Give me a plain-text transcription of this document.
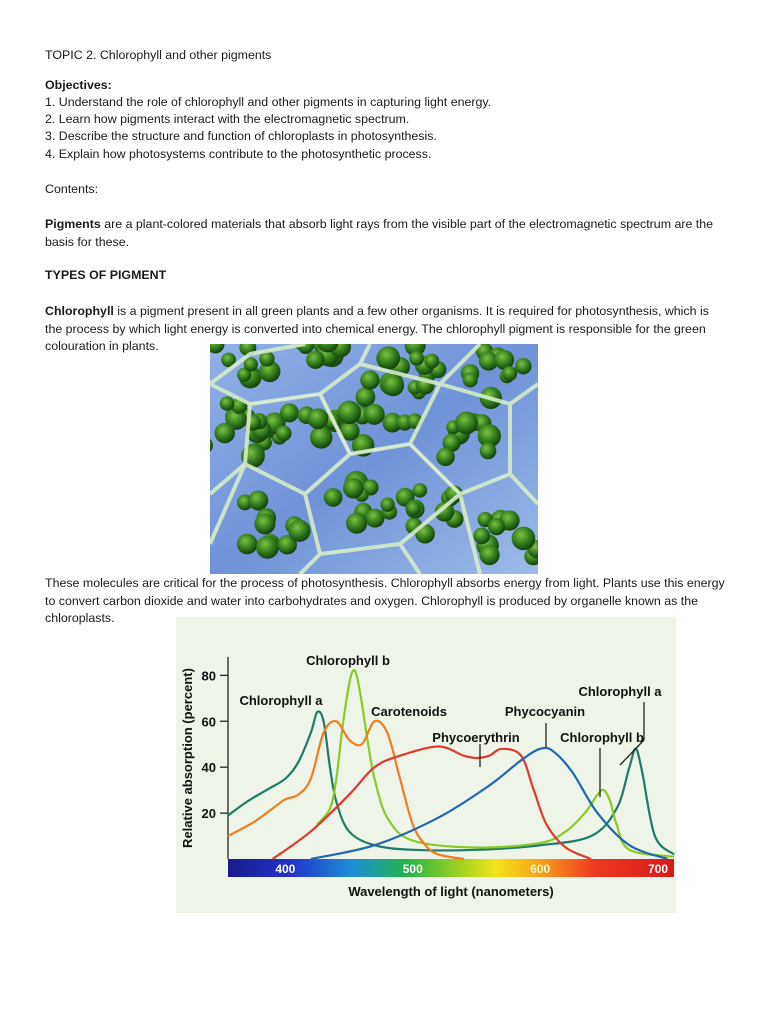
TOPIC 2. Chlorophyll and other pigments

Objectives:

1. Understand the role of chlorophyll and other pigments in capturing light energy.

2. Learn how pigments interact with the electromagnetic spectrum.

3. Describe the structure and function of chloroplasts in photosynthesis.

4. Explain how photosystems contribute to the photosynthetic process.

Contents:

Pigments are a plant-colored materials that absorb light rays from the visible part of the electromagnetic spectrum are the basis for these.

TYPES OF PIGMENT

Chlorophyll is a pigment present in all green plants and a few other organisms. It is required for photosynthesis, which is the process by which light energy is converted into chemical energy. The chlorophyll pigment is responsible for the green colouration in plants.

These molecules are critical for the process of photosynthesis. Chlorophyll absorbs energy from light. Plants use this energy to convert carbon dioxide and water into carbohydrates and oxygen. Chlorophyll is produced by organelle known as the chloroplasts.

20
40
60
80
400	500	600	700
Relative absorption (percent)
Wavelength of light (nanometers)
Chlorophyll b
Chlorophyll a
Carotenoids	Phycocyanin
Phycoerythrin
Chlorophyll a
Chlorophyll b
